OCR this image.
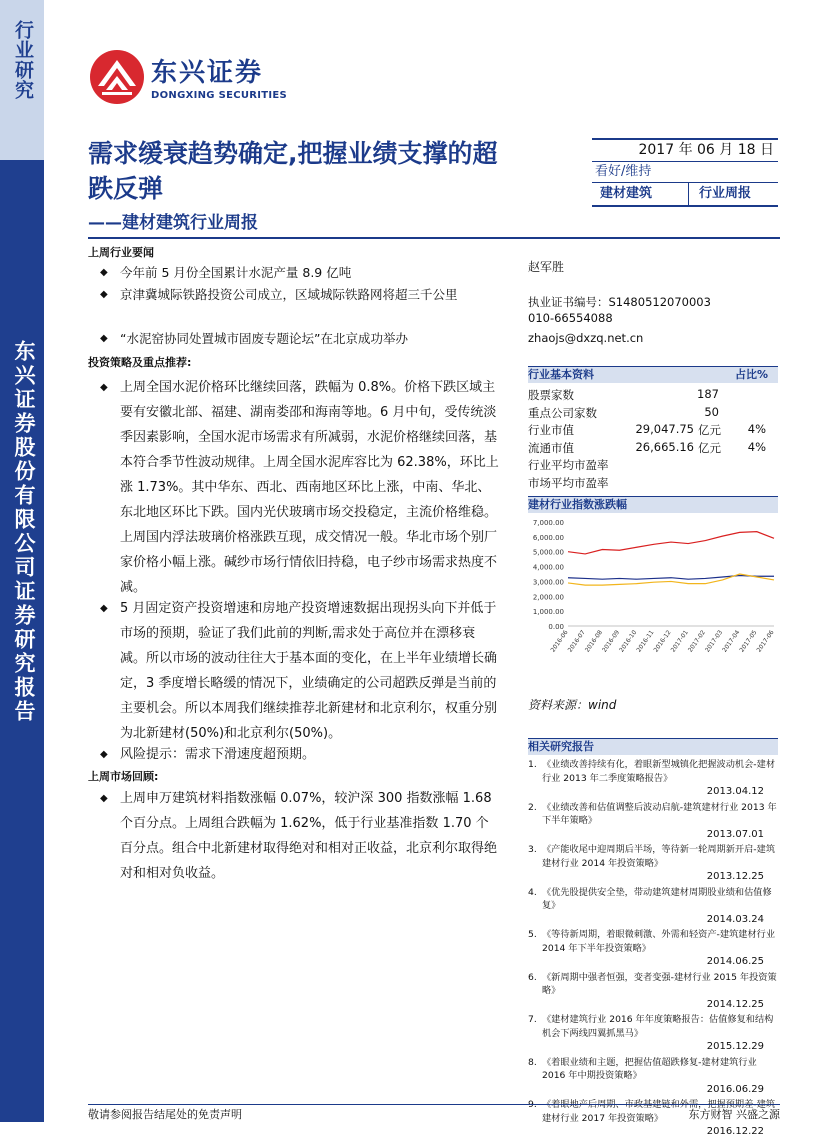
行业研究
东兴证券股份有限公司证券研究报告
东兴证券
DONGXING SECURITIES
需求缓衰趋势确定,把握业绩支撑的超跌反弹
——建材建筑行业周报
2017 年 06 月 18 日
看好/维持
建材建筑	行业周报
上周行业要闻
◆ 今年前 5 月份全国累计水泥产量 8.9 亿吨
◆ 京津冀城际铁路投资公司成立，区域城际铁路网将超三千公里
◆ “水泥窑协同处置城市固废专题论坛”在北京成功举办
投资策略及重点推荐:
◆ 上周全国水泥价格环比继续回落，跌幅为 0.8%。价格下跌区域主要有安徽北部、福建、湖南娄邵和海南等地。6 月中旬，受传统淡季因素影响，全国水泥市场需求有所减弱，水泥价格继续回落，基本符合季节性波动规律。上周全国水泥库容比为 62.38%，环比上涨 1.73%。其中华东、西北、西南地区环比上涨，中南、华北、东北地区环比下跌。国内光伏玻璃市场交投稳定，主流价格维稳。上周国内浮法玻璃价格涨跌互现，成交情况一般。华北市场个别厂家价格小幅上涨。碱纱市场行情依旧持稳，电子纱市场需求热度不减。
◆ 5 月固定资产投资增速和房地产投资增速数据出现拐头向下并低于市场的预期，验证了我们此前的判断,需求处于高位并在漂移衰减。所以市场的波动往往大于基本面的变化，在上半年业绩增长确定，3 季度增长略缓的情况下，业绩确定的公司超跌反弹是当前的主要机会。所以本周我们继续推荐北新建材和北京利尔，权重分别为北新建材(50%)和北京利尔(50%)。
◆ 风险提示：需求下滑速度超预期。
上周市场回顾:
◆ 上周申万建筑材料指数涨幅 0.07%，较沪深 300 指数涨幅 1.68 个百分点。上周组合跌幅为 1.62%，低于行业基准指数 1.70 个百分点。组合中北新建材取得绝对和相对正收益，北京利尔取得绝对和相对负收益。
赵军胜
执业证书编号：S1480512070003
010-66554088
zhaojs@dxzq.net.cn
行业基本资料	占比%
股票家数	187
重点公司家数	50
行业市值	29,047.75 亿元	4%
流通市值	26,665.16 亿元	4%
行业平均市盈率
市场平均市盈率
建材行业指数涨跌幅
7,000.00
6,000.00
5,000.00
4,000.00
3,000.00
2,000.00
1,000.00
0.00
2016-06
2016-07
2016-08
2016-09
2016-10
2016-11
2016-12
2017-01
2017-02
2017-03
2017-04
2017-05
2017-06
资料来源：wind
相关研究报告
1. 《业绩改善持续有化，着眼新型城镇化把握波动机会-建材行业 2013 年二季度策略报告》
2013.04.12
2. 《业绩改善和估值调整后波动启航-建筑建材行业 2013 年下半年策略》
2013.07.01
3. 《产能收尾中迎周期后半场，等待新一轮周期新开启-建筑建材行业 2014 年投资策略》
2013.12.25
4. 《优先股提供安全垫，带动建筑建材周期股业绩和估值修复》
2014.03.24
5. 《等待新周期，着眼微刺激、外需和轻资产-建筑建材行业 2014 年下半年投资策略》
2014.06.25
6. 《新周期中强者恒强，变者变强-建材行业 2015 年投资策略》
2014.12.25
7. 《建材建筑行业 2016 年年度策略报告：估值修复和结构机会下两线四翼抓黑马》
2015.12.29
8. 《着眼业绩和主题，把握估值超跌修复-建材建筑行业 2016 年中期投资策略》
2016.06.29
建材行业 2017 年投资策略》
2016.12.22
敬请参阅报告结尾处的免责声明	东方财智 兴盛之源
